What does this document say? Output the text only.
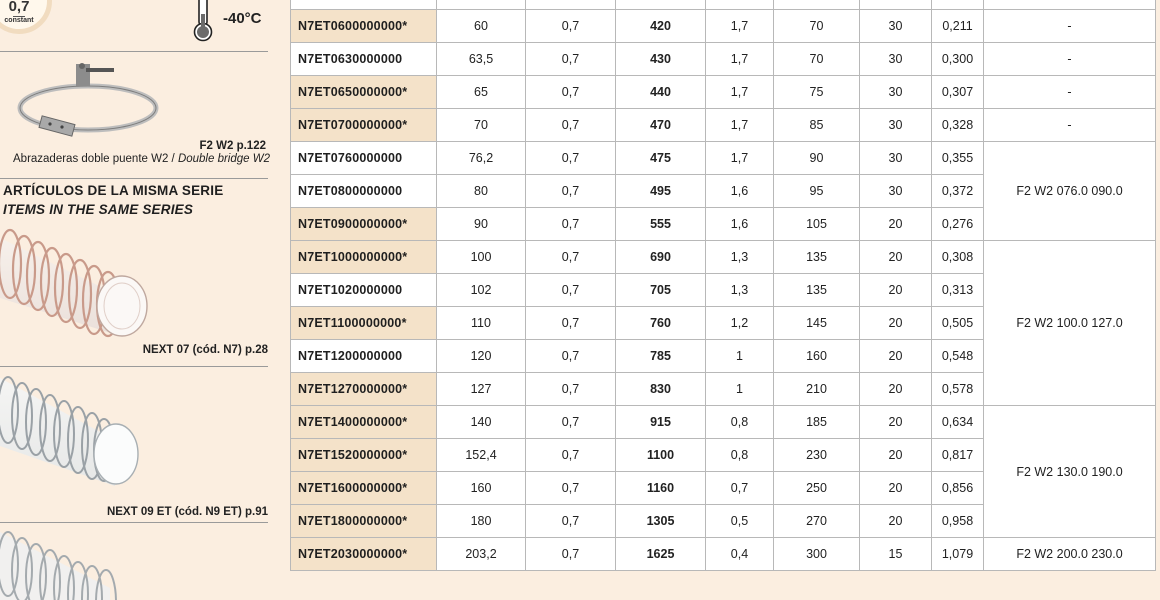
0,7
constant	-40°C
F2 W2 p.122
Abrazaderas doble puente W2 / Double bridge W2
ARTÍCULOS DE LA MISMA SERIE
ITEMS IN THE SAME SERIES
NEXT 07 (cód. N7) p.28
NEXT 09 ET (cód. N9 ET) p.91

N7ET0600000000*	60	0,7	420	1,7	70	30	0,211	-
N7ET0630000000	63,5	0,7	430	1,7	70	30	0,300	-
N7ET0650000000*	65	0,7	440	1,7	75	30	0,307	-
N7ET0700000000*	70	0,7	470	1,7	85	30	0,328	-
N7ET0760000000	76,2	0,7	475	1,7	90	30	0,355	F2 W2 076.0 090.0
N7ET0800000000	80	0,7	495	1,6	95	30	0,372	
N7ET0900000000*	90	0,7	555	1,6	105	20	0,276	
N7ET1000000000*	100	0,7	690	1,3	135	20	0,308	F2 W2 100.0 127.0
N7ET1020000000	102	0,7	705	1,3	135	20	0,313	
N7ET1100000000*	110	0,7	760	1,2	145	20	0,505	
N7ET1200000000	120	0,7	785	1	160	20	0,548	
N7ET1270000000*	127	0,7	830	1	210	20	0,578	
N7ET1400000000*	140	0,7	915	0,8	185	20	0,634	F2 W2 130.0 190.0
N7ET1520000000*	152,4	0,7	1100	0,8	230	20	0,817	
N7ET1600000000*	160	0,7	1160	0,7	250	20	0,856	
N7ET1800000000*	180	0,7	1305	0,5	270	20	0,958	
N7ET2030000000*	203,2	0,7	1625	0,4	300	15	1,079	F2 W2 200.0 230.0
